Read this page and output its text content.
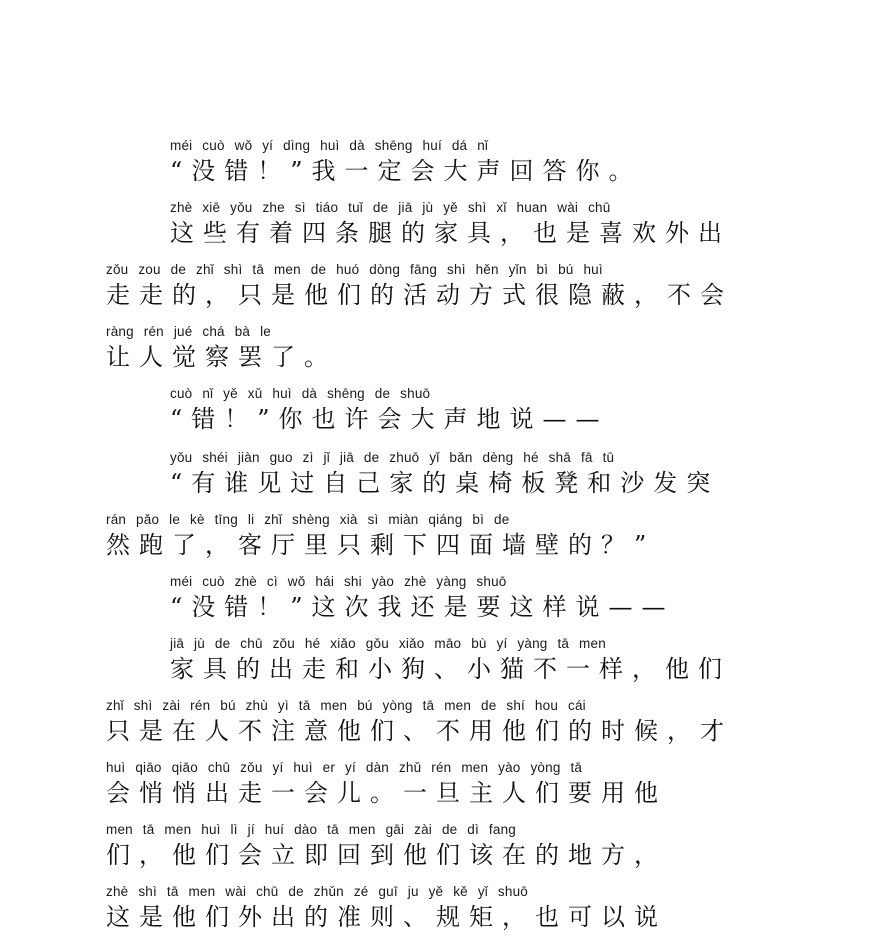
méi cuò wǒ yí dìng huì dà shēng huí dá nǐ
“没错！”我一定会大声回答你。
zhè xiē yǒu zhe sì tiáo tuǐ de jiā jù yě shì xǐ huan wài chū
这些有着四条腿的家具，也是喜欢外出
zǒu zou de zhǐ shì tā men de huó dòng fāng shì hěn yǐn bì bú huì
走走的，只是他们的活动方式很隐蔽，不会
ràng rén jué chá bà le
让人觉察罢了。
cuò nǐ yě xǔ huì dà shēng de shuō
“错！”你也许会大声地说——
yǒu shéi jiàn guo zì jǐ jiā de zhuō yǐ bǎn dèng hé shā fā tū
“有谁见过自己家的桌椅板凳和沙发突
rán pǎo le kè tīng li zhǐ shèng xià sì miàn qiáng bì de
然跑了，客厅里只剩下四面墙壁的？”
méi cuò zhè cì wǒ hái shi yào zhè yàng shuō
“没错！”这次我还是要这样说——
jiā jù de chū zǒu hé xiǎo gǒu xiǎo māo bù yí yàng tā men
家具的出走和小狗、小猫不一样，他们
zhǐ shì zài rén bú zhù yì tā men bú yòng tā men de shí hou cái
只是在人不注意他们、不用他们的时候，才
huì qiāo qiāo chū zǒu yí huì er yí dàn zhǔ rén men yào yòng tā
会悄悄出走一会儿。一旦主人们要用他
men tā men huì lì jí huí dào tā men gāi zài de dì fang
们，他们会立即回到他们该在的地方，
zhè shì tā men wài chū de zhǔn zé guī ju yě kě yǐ shuō
这是他们外出的准则、规矩，也可以说
